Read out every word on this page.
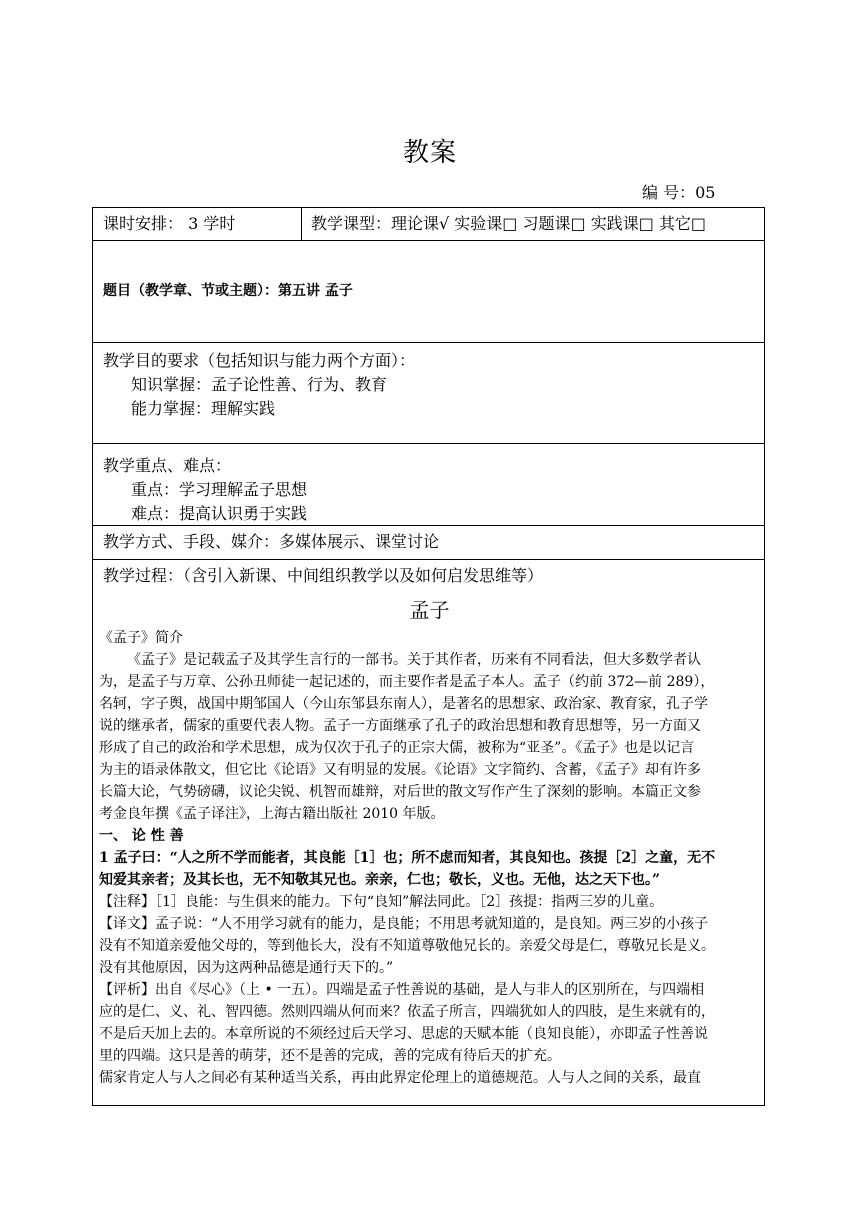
教案
编 号：05
课时安排： 3 学时	教学课型：理论课√ 实验课□ 习题课□ 实践课□ 其它□
题目（教学章、节或主题）：第五讲 孟子
教学目的要求（包括知识与能力两个方面）：
知识掌握：孟子论性善、行为、教育
能力掌握：理解实践
教学重点、难点：
重点：学习理解孟子思想
难点：提高认识勇于实践
教学方式、手段、媒介：多媒体展示、课堂讨论
教学过程：（含引入新课、中间组织教学以及如何启发思维等）
孟子
《孟子》简介
《孟子》是记载孟子及其学生言行的一部书。关于其作者，历来有不同看法，但大多数学者认
为，是孟子与万章、公孙丑师徒一起记述的，而主要作者是孟子本人。孟子（约前 372—前 289），
名轲，字子舆，战国中期邹国人（今山东邹县东南人），是著名的思想家、政治家、教育家，孔子学
说的继承者，儒家的重要代表人物。孟子一方面继承了孔子的政治思想和教育思想等，另一方面又
形成了自己的政治和学术思想，成为仅次于孔子的正宗大儒，被称为“亚圣”。《孟子》也是以记言
为主的语录体散文，但它比《论语》又有明显的发展。《论语》文字简约、含蓄，《孟子》却有许多
长篇大论，气势磅礴，议论尖锐、机智而雄辩，对后世的散文写作产生了深刻的影响。本篇正文参
考金良年撰《孟子译注》，上海古籍出版社 2010 年版。
一、 论 性 善
1 孟子曰：“人之所不学而能者，其良能［1］也；所不虑而知者，其良知也。孩提［2］之童，无不
知爱其亲者；及其长也，无不知敬其兄也。亲亲，仁也；敬长，义也。无他，达之天下也。”
【注释】［1］良能：与生俱来的能力。下句“良知”解法同此。［2］孩提：指两三岁的儿童。
【译文】孟子说：“人不用学习就有的能力，是良能；不用思考就知道的，是良知。两三岁的小孩子
没有不知道亲爱他父母的，等到他长大，没有不知道尊敬他兄长的。亲爱父母是仁，尊敬兄长是义。
没有其他原因，因为这两种品德是通行天下的。”
【评析】出自《尽心》（上 • 一五）。四端是孟子性善说的基础，是人与非人的区别所在，与四端相
应的是仁、义、礼、智四德。然则四端从何而来？依孟子所言，四端犹如人的四肢，是生来就有的，
不是后天加上去的。本章所说的不须经过后天学习、思虑的天赋本能（良知良能），亦即孟子性善说
里的四端。这只是善的萌芽，还不是善的完成，善的完成有待后天的扩充。
儒家肯定人与人之间必有某种适当关系，再由此界定伦理上的道德规范。人与人之间的关系，最直
